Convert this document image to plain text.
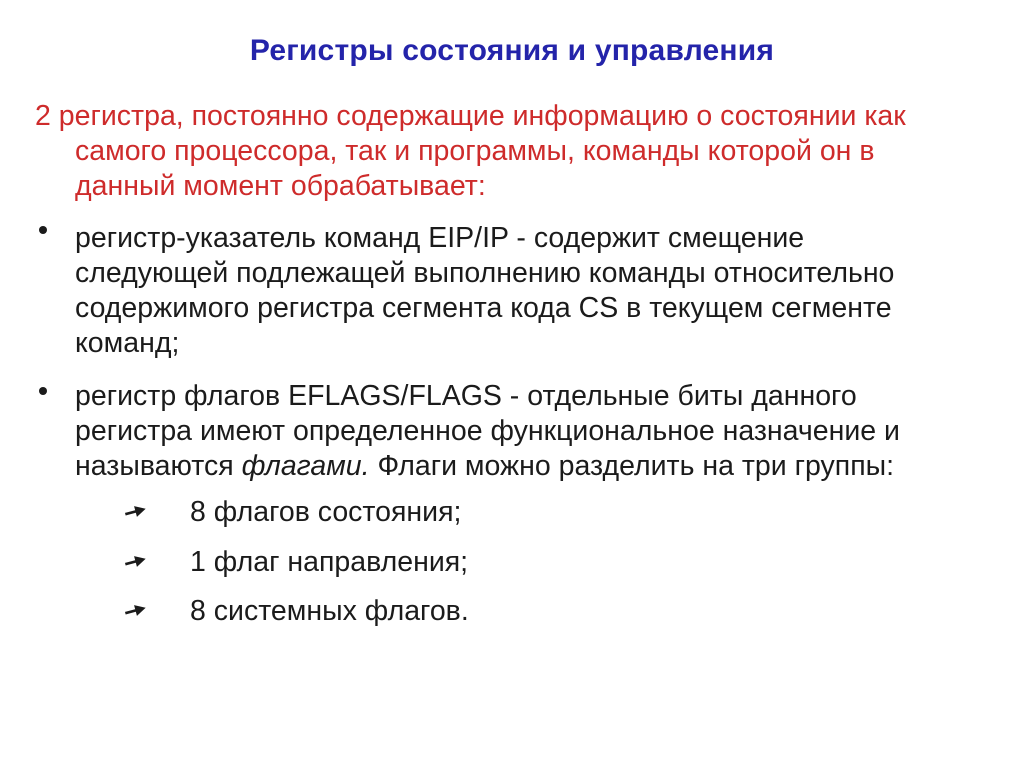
Регистры состояния и управления
2 регистра, постоянно содержащие информацию о состоянии как
самого процессора, так и программы, команды которой он в
данный момент обрабатывает:
регистр-указатель команд EIP/IP - содержит смещение
следующей подлежащей выполнению команды относительно
содержимого регистра сегмента кода CS в текущем сегменте
команд;
регистр флагов EFLAGS/FLAGS - отдельные биты данного
регистра имеют определенное функциональное назначение и
называются флагами. Флаги можно разделить на три группы:
8 флагов состояния;
1 флаг направления;
8 системных флагов.
